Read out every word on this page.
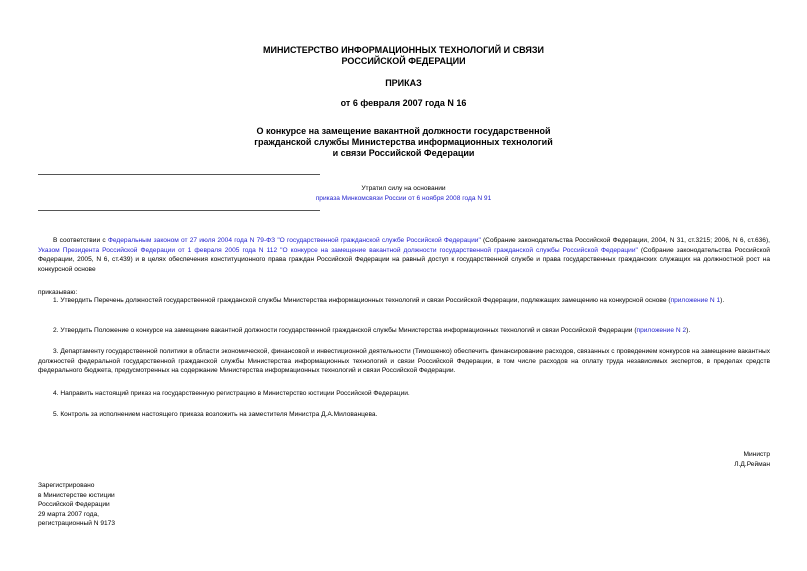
МИНИСТЕРСТВО ИНФОРМАЦИОННЫХ ТЕХНОЛОГИЙ И СВЯЗИ
РОССИЙСКОЙ ФЕДЕРАЦИИ
ПРИКАЗ
от 6 февраля 2007 года N 16
О конкурсе на замещение вакантной должности государственной
гражданской службы Министерства информационных технологий
и связи Российской Федерации
Утратил силу на основании
приказа Минкомсвязи России от 6 ноября 2008 года N 91
В соответствии с Федеральным законом от 27 июля 2004 года N 79-ФЗ "О государственной гражданской службе Российской Федерации" (Собрание законодательства Российской Федерации, 2004, N 31, ст.3215; 2006, N 6, ст.636), Указом Президента Российской Федерации от 1 февраля 2005 года N 112 "О конкурсе на замещение вакантной должности государственной гражданской службы Российской Федерации" (Собрание законодательства Российской Федерации, 2005, N 6, ст.439) и в целях обеспечения конституционного права граждан Российской Федерации на равный доступ к государственной службе и права государственных гражданских служащих на должностной рост на конкурсной основе
приказываю:
1. Утвердить Перечень должностей государственной гражданской службы Министерства информационных технологий и связи Российской Федерации, подлежащих замещению на конкурсной основе (приложение N 1).
2. Утвердить Положение о конкурсе на замещение вакантной должности государственной гражданской службы Министерства информационных технологий и связи Российской Федерации (приложение N 2).
3. Департаменту государственной политики в области экономической, финансовой и инвестиционной деятельности (Тимошенко) обеспечить финансирование расходов, связанных с проведением конкурсов на замещение вакантных должностей федеральной государственной гражданской службы Министерства информационных технологий и связи Российской Федерации, в том числе расходов на оплату труда независимых экспертов, в пределах средств федерального бюджета, предусмотренных на содержание Министерства информационных технологий и связи Российской Федерации.
4. Направить настоящий приказ на государственную регистрацию в Министерство юстиции Российской Федерации.
5. Контроль за исполнением настоящего приказа возложить на заместителя Министра Д.А.Милованцева.
Министр
Л.Д.Рейман
Зарегистрировано
в Министерстве юстиции
Российской Федерации
29 марта 2007 года,
регистрационный N 9173
